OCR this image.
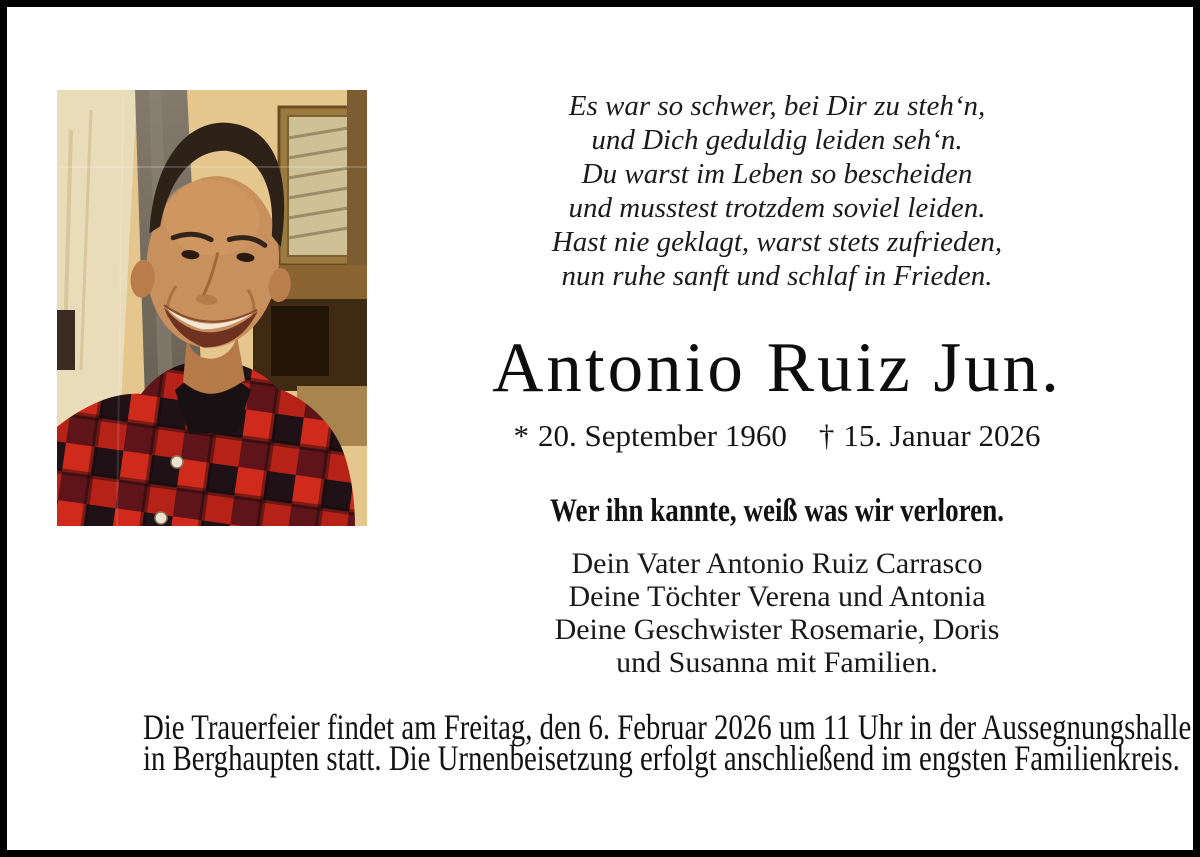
Es war so schwer, bei Dir zu steh‘n,
und Dich geduldig leiden seh‘n.
Du warst im Leben so bescheiden
und musstest trotzdem soviel leiden.
Hast nie geklagt, warst stets zufrieden,
nun ruhe sanft und schlaf in Frieden.
Antonio Ruiz Jun.
* 20. September 1960 † 15. Januar 2026
Wer ihn kannte, weiß was wir verloren.
Dein Vater Antonio Ruiz Carrasco
Deine Töchter Verena und Antonia
Deine Geschwister Rosemarie, Doris
und Susanna mit Familien.
Die Trauerfeier findet am Freitag, den 6. Februar 2026 um 11 Uhr in der Aussegnungshalle
in Berghaupten statt. Die Urnenbeisetzung erfolgt anschließend im engsten Familienkreis.
